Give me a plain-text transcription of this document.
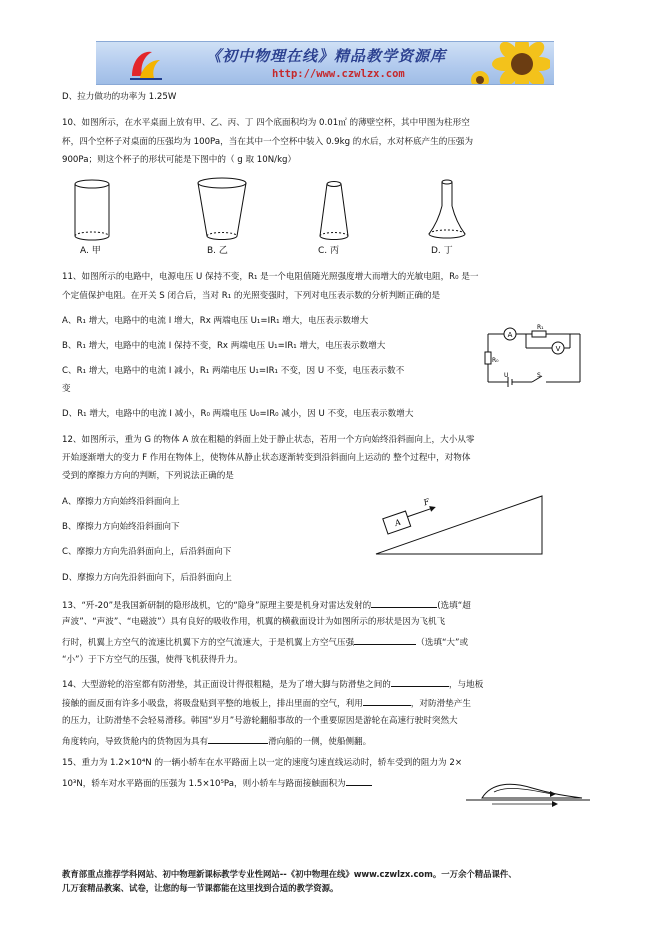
《初中物理在线》精品教学资源库
http://www.czwlzx.com
D、拉力做功的功率为 1.25W
10、如图所示，在水平桌面上放有甲、乙、丙、丁 四个底面积均为 0.01㎡ 的薄壁空杯，其中甲图为柱形空
杯，四个空杯子对桌面的压强均为 100Pa，当在其中一个空杯中装入 0.9kg 的水后，水对杯底产生的压强为
900Pa；则这个杯子的形状可能是下图中的（ g 取 10N/kg）
A. 甲	B. 乙	C. 丙	D. 丁
11、如图所示的电路中，电源电压 U 保持不变，R₁ 是一个电阻值随光照强度增大而增大的光敏电阻，R₀ 是一
个定值保护电阻。在开关 S 闭合后，当对 R₁ 的光照变强时，下列对电压表示数的分析判断正确的是
A、R₁ 增大，电路中的电流 I 增大，Rx 两端电压 U₁=IR₁ 增大，电压表示数增大
B、R₁ 增大，电路中的电流 I 保持不变，Rx 两端电压 U₁=IR₁ 增大，电压表示数增大
C、R₁ 增大，电路中的电流 I 减小，R₁ 两端电压 U₁=IR₁ 不变，因 U 不变，电压表示数不
变
D、R₁ 增大，电路中的电流 I 减小，R₀ 两端电压 U₀=IR₀ 减小，因 U 不变，电压表示数增大
A
V
R₁
R₀
U	S
12、如图所示，重为 G 的物体 A 放在粗糙的斜面上处于静止状态，若用一个方向始终沿斜面向上，大小从零
开始逐渐增大的变力 F 作用在物体上，使物体从静止状态逐渐转变到沿斜面向上运动的 整个过程中，对物体
受到的摩擦力方向的判断，下列说法正确的是
A、摩擦力方向始终沿斜面向上
B、摩擦力方向始终沿斜面向下
C、摩擦力方向先沿斜面向上，后沿斜面向下
D、摩擦力方向先沿斜面向下，后沿斜面向上
A
F
13、“歼-20”是我国新研制的隐形战机，它的“隐身”原理主要是机身对雷达发射的	(选填“超
声波”、“声波”、“电磁波”）具有良好的吸收作用，机翼的横截面设计为如图所示的形状是因为飞机飞
行时，机翼上方空气的流速比机翼下方的空气流速大，于是机翼上方空气压强	（选填“大”或
“小”）于下方空气的压强，使得飞机获得升力。
14、大型游轮的浴室都有防滑垫，其正面设计得很粗糙，是为了增大脚与防滑垫之间的	，与地板
接触的面反面有许多小吸盘，将吸盘贴到平整的地板上，排出里面的空气，利用	，对防滑垫产生
的压力，让防滑垫不会轻易滑移。韩国“岁月”号游轮翻船事故的一个重要原因是游轮在高速行驶时突然大
角度转向，导致货舱内的货物因为具有	滑向船的一侧，使船侧翻。
15、重力为 1.2×10⁴N 的一辆小轿车在水平路面上以一定的速度匀速直线运动时，轿车受到的阻力为 2×
10³N，轿车对水平路面的压强为 1.5×10⁵Pa，则小轿车与路面接触面积为
教育部重点推荐学科网站、初中物理新课标教学专业性网站--《初中物理在线》www.czwlzx.com。一万余个精品课件、
几万套精品教案、试卷，让您的每一节课都能在这里找到合适的教学资源。
